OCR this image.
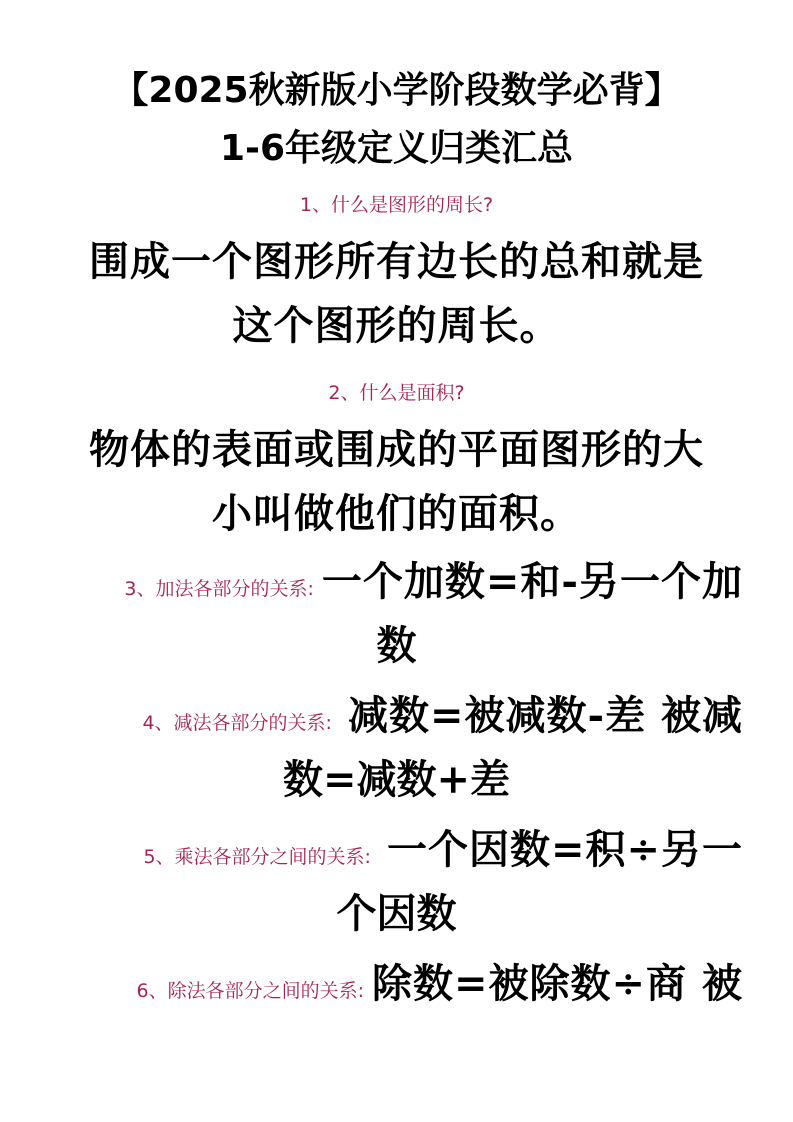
【2025秋新版小学阶段数学必背】
1-6年级定义归类汇总

1、什么是图形的周长?

围成一个图形所有边长的总和就是
这个图形的周长。

2、什么是面积?

物体的表面或围成的平面图形的大
小叫做他们的面积。

3、加法各部分的关系: 一个加数=和-另一个加

数

4、减法各部分的关系: 减数=被减数-差 被减

数=减数+差

5、乘法各部分之间的关系: 一个因数=积÷另一

个因数

6、除法各部分之间的关系: 除数=被除数÷商 被
